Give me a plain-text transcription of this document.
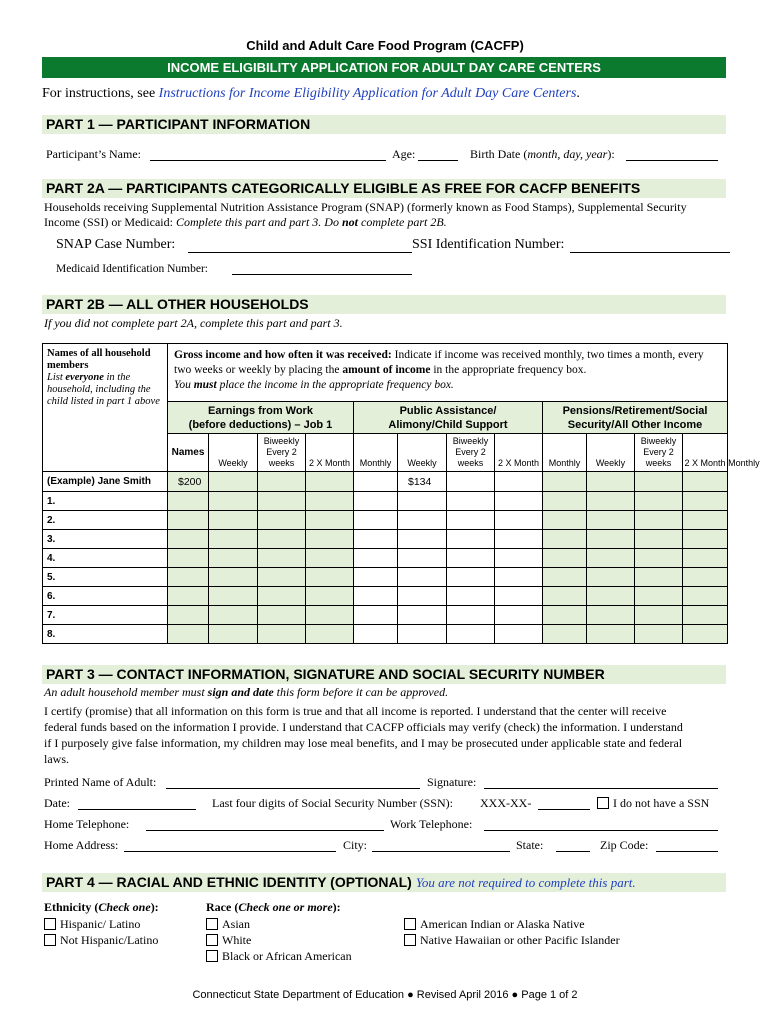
Child and Adult Care Food Program (CACFP)
INCOME ELIGIBILITY APPLICATION FOR ADULT DAY CARE CENTERS
For instructions, see Instructions for Income Eligibility Application for Adult Day Care Centers.
PART 1 — PARTICIPANT INFORMATION
Participant’s Name:	Age:	Birth Date (month, day, year):
PART 2A — PARTICIPANTS CATEGORICALLY ELIGIBLE AS FREE FOR CACFP BENEFITS
Households receiving Supplemental Nutrition Assistance Program (SNAP) (formerly known as Food Stamps), Supplemental Security
Income (SSI) or Medicaid: Complete this part and part 3. Do not complete part 2B.
SNAP Case Number:	SSI Identification Number:
Medicaid Identification Number:
PART 2B — ALL OTHER HOUSEHOLDS
If you did not complete part 2A, complete this part and part 3.
Names of all household members
List everyone in the household, including the child listed in part 1 above	Gross income and how often it was received: Indicate if income was received monthly, two times a month, every two weeks or weekly by placing the amount of income in the appropriate frequency box.
You must place the income in the appropriate frequency box.												
	Earnings from Work
(before deductions) – Job 1				Public Assistance/
Alimony/Child Support				Pensions/Retirement/Social
Security/All Other Income				
	Names	Weekly	Biweekly Every 2 weeks	2 X Month	Monthly	Weekly	Biweekly Every 2 weeks	2 X Month	Monthly	Weekly	Biweekly Every 2 weeks	2 X Month	Monthly
(Example) Jane Smith	$200					$134							
1.													
2.													
3.													
4.													
5.													
6.													
7.													
8.													
PART 3 — CONTACT INFORMATION, SIGNATURE AND SOCIAL SECURITY NUMBER
An adult household member must sign and date this form before it can be approved.
I certify (promise) that all information on this form is true and that all income is reported. I understand that the center will receive
federal funds based on the information I provide. I understand that CACFP officials may verify (check) the information. I understand
if I purposely give false information, my children may lose meal benefits, and I may be prosecuted under applicable state and federal
laws.
Printed Name of Adult:	Signature:
Date:	Last four digits of Social Security Number (SSN): XXX-XX-	I do not have a SSN
Home Telephone:	Work Telephone:
Home Address:	City:	State:	Zip Code:
PART 4 — RACIAL AND ETHNIC IDENTITY (OPTIONAL) You are not required to complete this part.
Ethnicity (Check one):
Hispanic/ Latino
Not Hispanic/Latino
Race (Check one or more):
Asian
White
Black or African American
American Indian or Alaska Native
Native Hawaiian or other Pacific Islander
Connecticut State Department of Education ● Revised April 2016 ● Page 1 of 2
